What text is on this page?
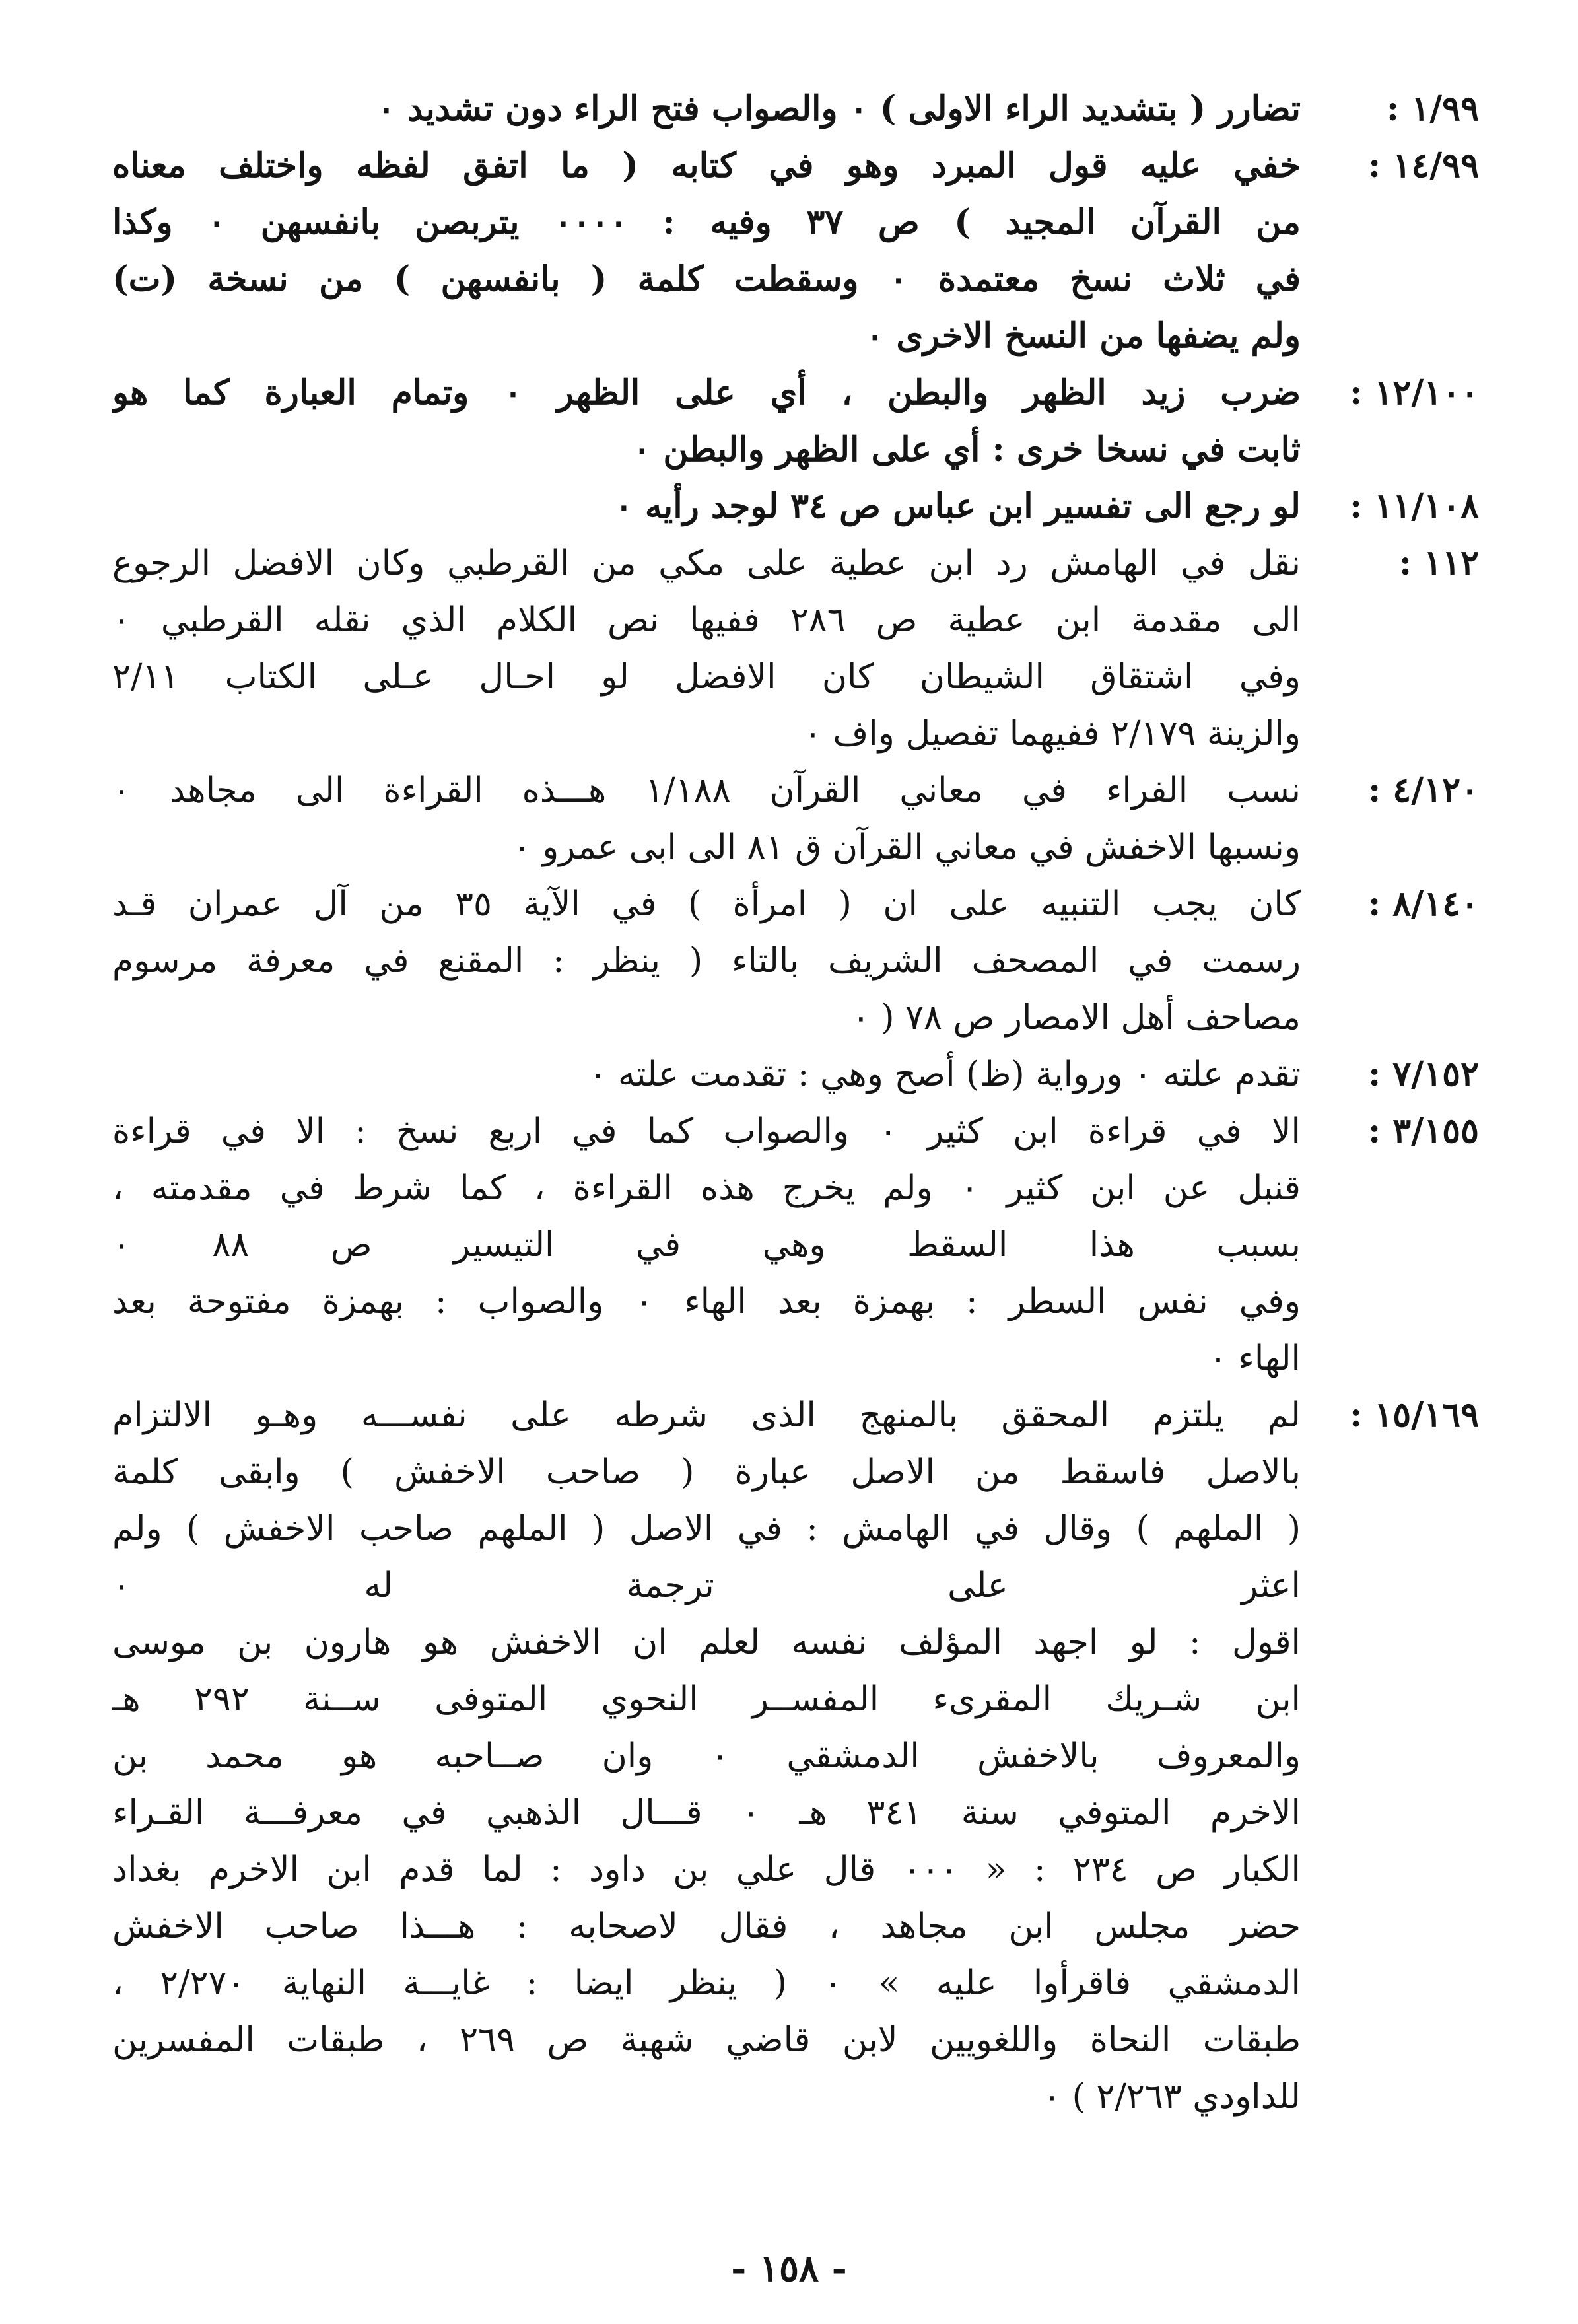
١/٩٩ :
تضارر ( بتشديد الراء الاولى ) ٠ والصواب فتح الراء دون تشديد ٠
١٤/٩٩ :
خفي عليه قول المبرد وهو في كتابه ( ما اتفق لفظه واختلف معناه
من القرآن المجيد ) ص ٣٧ وفيه : ٠٠٠٠ يتربصن بانفسهن ٠ وكذا
في ثلاث نسخ معتمدة ٠ وسقطت كلمة ( بانفسهن ) من نسخة (ت)
ولم يضفها من النسخ الاخرى ٠
١٢/١٠٠ :
ضرب زيد الظهر والبطن ، أي على الظهر ٠ وتمام العبارة كما هو
ثابت في نسخا خرى : أي على الظهر والبطن ٠
١١/١٠٨ :
لو رجع الى تفسير ابن عباس ص ٣٤ لوجد رأيه ٠
١١٢ :
نقل في الهامش رد ابن عطية على مكي من القرطبي وكان الافضل الرجوع
الى مقدمة ابن عطية ص ٢٨٦ ففيها نص الكلام الذي نقله القرطبي ٠
وفي اشتقاق الشيطان كان الافضل لو احـال عـلى الكتاب ٢/١١
والزينة ٢/١٧٩ ففيهما تفصيل واف ٠
٤/١٢٠ :
نسب الفراء في معاني القرآن ١/١٨٨ هـــذه القراءة الى مجاهد ٠
ونسبها الاخفش في معاني القرآن ق ٨١ الى ابى عمرو ٠
٨/١٤٠ :
كان يجب التنبيه على ان ( امرأة ) في الآية ٣٥ من آل عمران قـد
رسمت في المصحف الشريف بالتاء ( ينظر : المقنع في معرفة مرسوم
مصاحف أهل الامصار ص ٧٨ ( ٠
٧/١٥٢ :
تقدم علته ٠ ورواية (ظ) أصح وهي : تقدمت علته ٠
٣/١٥٥ :
الا في قراءة ابن كثير ٠ والصواب كما في اربع نسخ : الا في قراءة
قنبل عن ابن كثير ٠ ولم يخرج هذه القراءة ، كما شرط في مقدمته ،
بسبب هذا السقط وهي في التيسير ص ٨٨ ٠
وفي نفس السطر : بهمزة بعد الهاء ٠ والصواب : بهمزة مفتوحة بعد
الهاء ٠
١٥/١٦٩ :
لم يلتزم المحقق بالمنهج الذى شرطه على نفســـه وهـو الالتزام
بالاصل فاسقط من الاصل عبارة ( صاحب الاخفش ) وابقى كلمة
( الملهم ) وقال في الهامش : في الاصل ( الملهم صاحب الاخفش ) ولم
اعثر على ترجمة له ٠
اقول : لو اجهد المؤلف نفسه لعلم ان الاخفش هو هارون بن موسى
ابن شـريك المقرىء المفســر النحوي المتوفى ســنة ٢٩٢ هـ
والمعروف بالاخفش الدمشقي ٠ وان صــاحبه هو محمد بن
الاخرم المتوفي سنة ٣٤١ هـ ٠ قـــال الذهبي في معرفـــة القـراء
الكبار ص ٢٣٤ : « ٠٠٠ قال علي بن داود : لما قدم ابن الاخرم بغداد
حضر مجلس ابن مجاهد ، فقال لاصحابه : هـــذا صاحب الاخفش
الدمشقي فاقرأوا عليه » ٠ ( ينظر ايضا : غايـــة النهاية ٢/٢٧٠ ،
طبقات النحاة واللغويين لابن قاضي شهبة ص ٢٦٩ ، طبقات المفسرين
للداودي ٢/٢٦٣ ) ٠
- ١٥٨ -
